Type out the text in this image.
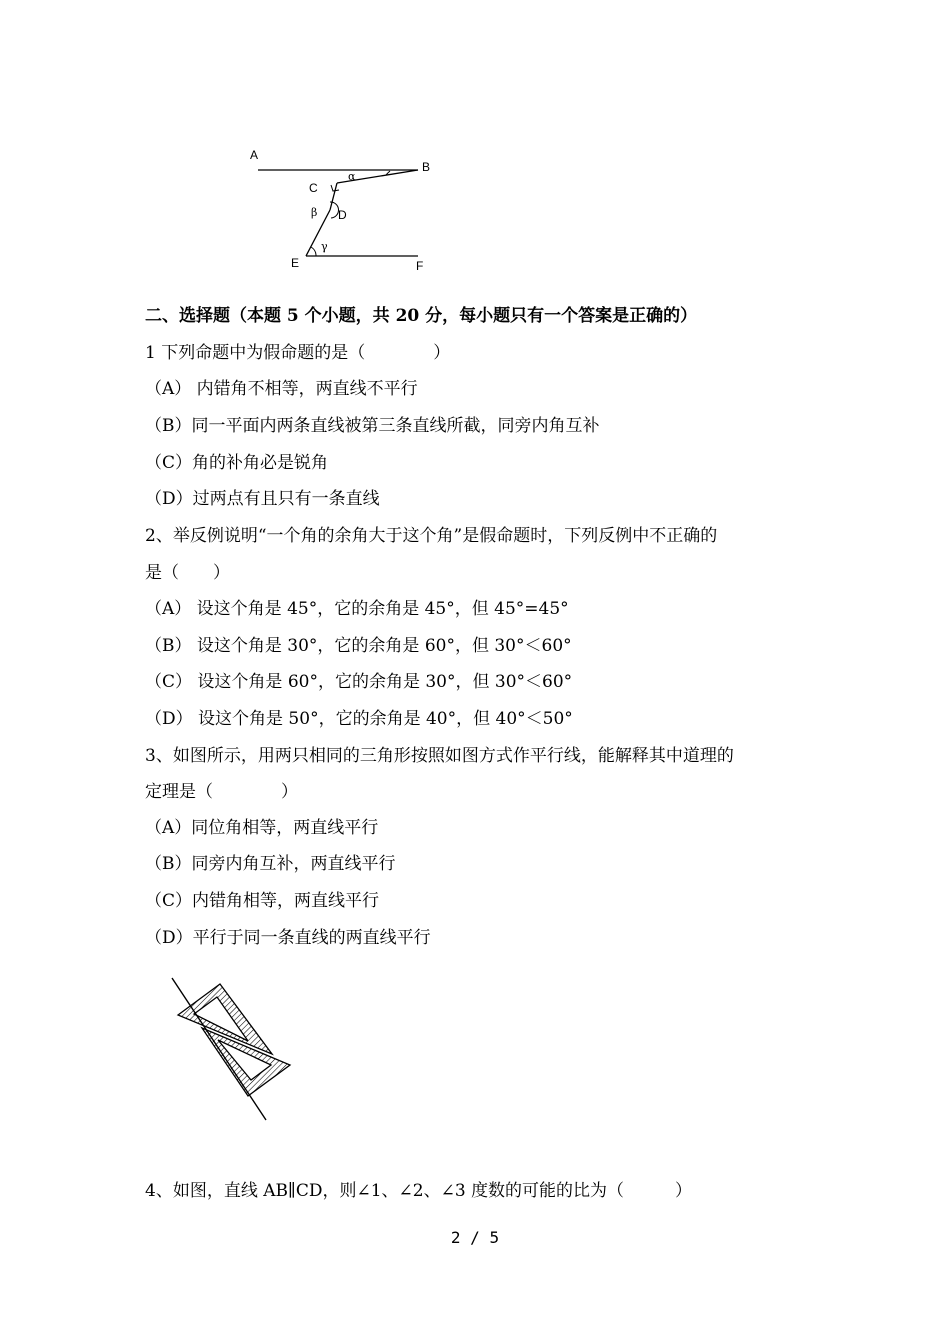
A
B
C
D
E	F
α
β
γ
二、选择题（本题 5 个小题，共 20 分，每小题只有一个答案是正确的）
1 下列命题中为假命题的是（　　　　）
（A） 内错角不相等，两直线不平行
（B）同一平面内两条直线被第三条直线所截，同旁内角互补
（C）角的补角必是锐角
（D）过两点有且只有一条直线
2、举反例说明“一个角的余角大于这个角”是假命题时，下列反例中不正确的
是（　　）
（A） 设这个角是 45°，它的余角是 45°，但 45°=45°
（B） 设这个角是 30°，它的余角是 60°，但 30°＜60°
（C） 设这个角是 60°，它的余角是 30°，但 30°＜60°
（D） 设这个角是 50°，它的余角是 40°，但 40°＜50°
3、如图所示，用两只相同的三角形按照如图方式作平行线，能解释其中道理的
定理是（　　　　）
（A）同位角相等，两直线平行
（B）同旁内角互补，两直线平行
（C）内错角相等，两直线平行
（D）平行于同一条直线的两直线平行
4、如图，直线 AB∥CD，则∠1、∠2、∠3 度数的可能的比为（　　　）
2 / 5
